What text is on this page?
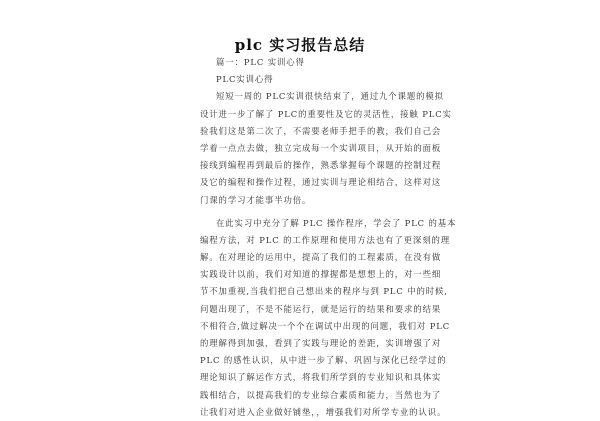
plc 实习报告总结
篇一：PLC 实训心得
PLC实训心得
短短一周的 PLC实训很快结束了，通过九个课题的模拟
设计进一步了解了 PLC的重要性及它的灵活性，接触 PLC实
验我们这是第二次了，不需要老师手把手的教，我们自己会
学着一点点去做，独立完成每一个实训项目，从开始的面板
接线到编程再到最后的操作，熟悉掌握每个课题的控制过程
及它的编程和操作过程，通过实训与理论相结合，这样对这
门课的学习才能事半功倍。
在此实习中充分了解 PLC 操作程序，学会了 PLC 的基本
编程方法，对 PLC 的工作原理和使用方法也有了更深刻的理
解。在对理论的运用中，提高了我们的工程素质，在没有做
实践设计以前，我们对知道的撑握都是想想上的，对一些细
节不加重视,当我们把自己想出来的程序与到 PLC 中的时候,
问题出现了，不是不能运行，就是运行的结果和要求的结果
不相符合,做过解决一个个在调试中出现的问题，我们对 PLC
的理解得到加强，看到了实践与理论的差距，实训增强了对
PLC 的感性认识，从中进一步了解、巩固与深化已经学过的
理论知识了解运作方式，将我们所学到的专业知识和具体实
践相结合，以提高我们的专业综合素质和能力，当然也为了
让我们对进入企业做好铺垫，，增强我们对所学专业的认识。
